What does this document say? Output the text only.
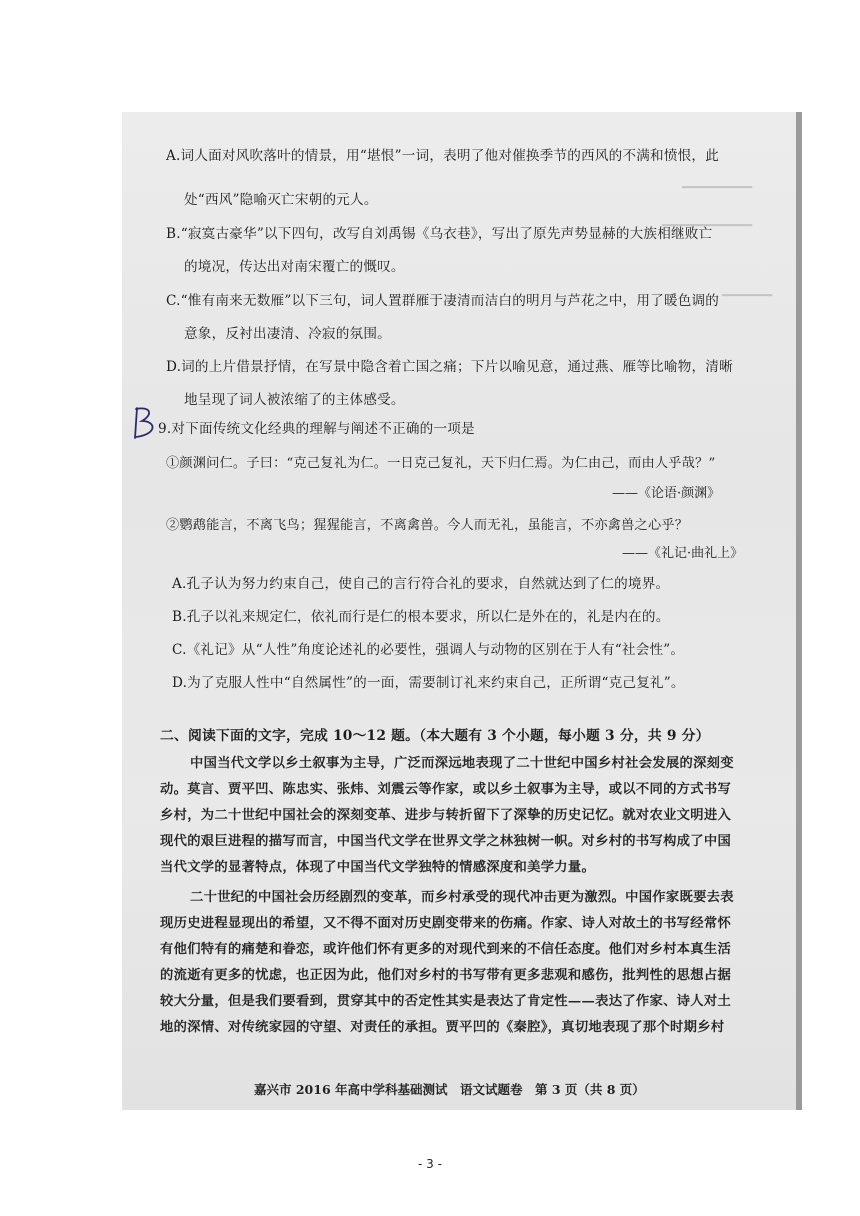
▁▁▁▁▁▁▁
▁▁▁▁▁▁▁▁▁
▁▁▁▁▁
A.词人面对风吹落叶的情景，用“堪恨”一词，表明了他对催换季节的西风的不满和愤恨，此
处“西风”隐喻灭亡宋朝的元人。
B.“寂寞古豪华”以下四句，改写自刘禹锡《乌衣巷》，写出了原先声势显赫的大族相继败亡
的境况，传达出对南宋覆亡的慨叹。
C.“惟有南来无数雁”以下三句，词人置群雁于凄清而洁白的明月与芦花之中，用了暖色调的
意象，反衬出凄清、冷寂的氛围。
D.词的上片借景抒情，在写景中隐含着亡国之痛；下片以喻见意，通过燕、雁等比喻物，清晰
地呈现了词人被浓缩了的主体感受。
9.对下面传统文化经典的理解与阐述不正确的一项是
①颜渊问仁。子曰：“克己复礼为仁。一日克己复礼，天下归仁焉。为仁由己，而由人乎哉？”
——《论语·颜渊》
②鹦鹉能言，不离飞鸟；猩猩能言，不离禽兽。今人而无礼，虽能言，不亦禽兽之心乎？
——《礼记·曲礼上》
A.孔子认为努力约束自己，使自己的言行符合礼的要求，自然就达到了仁的境界。
B.孔子以礼来规定仁，依礼而行是仁的根本要求，所以仁是外在的，礼是内在的。
C.《礼记》从“人性”角度论述礼的必要性，强调人与动物的区别在于人有“社会性”。
D.为了克服人性中“自然属性”的一面，需要制订礼来约束自己，正所谓“克己复礼”。
二、阅读下面的文字，完成 10～12 题。（本大题有 3 个小题，每小题 3 分，共 9 分）
中国当代文学以乡土叙事为主导，广泛而深远地表现了二十世纪中国乡村社会发展的深刻变
动。莫言、贾平凹、陈忠实、张炜、刘震云等作家，或以乡土叙事为主导，或以不同的方式书写
乡村，为二十世纪中国社会的深刻变革、进步与转折留下了深挚的历史记忆。就对农业文明进入
现代的艰巨进程的描写而言，中国当代文学在世界文学之林独树一帜。对乡村的书写构成了中国
当代文学的显著特点，体现了中国当代文学独特的情感深度和美学力量。
二十世纪的中国社会历经剧烈的变革，而乡村承受的现代冲击更为激烈。中国作家既要去表
现历史进程显现出的希望，又不得不面对历史剧变带来的伤痛。作家、诗人对故土的书写经常怀
有他们特有的痛楚和眷恋，或许他们怀有更多的对现代到来的不信任态度。他们对乡村本真生活
的流逝有更多的忧虑，也正因为此，他们对乡村的书写带有更多悲观和感伤，批判性的思想占据
较大分量，但是我们要看到，贯穿其中的否定性其实是表达了肯定性——表达了作家、诗人对土
地的深情、对传统家园的守望、对责任的承担。贾平凹的《秦腔》，真切地表现了那个时期乡村
嘉兴市 2016 年高中学科基础测试　语文试题卷　第 3 页（共 8 页）
- 3 -
